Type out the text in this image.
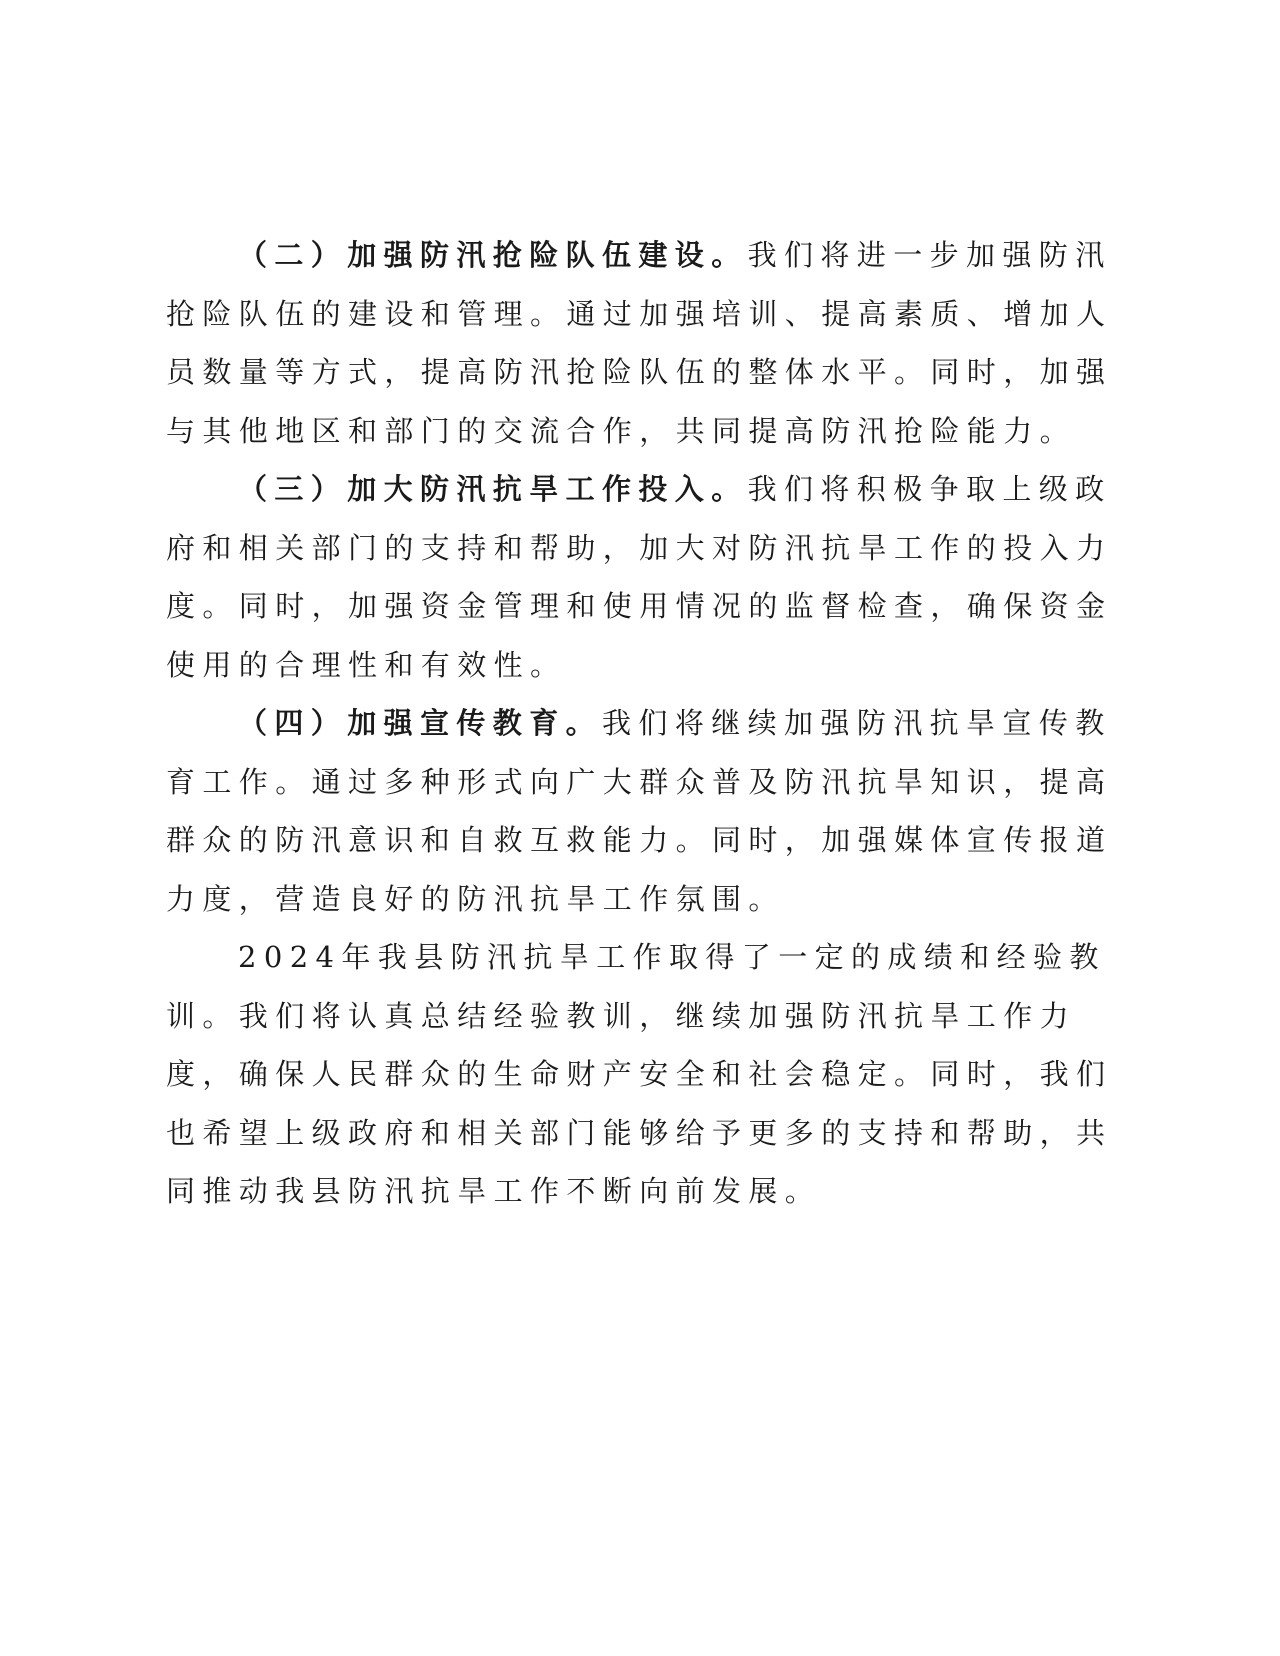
（二）加强防汛抢险队伍建设。我们将进一步加强防汛抢险队伍的建设和管理。通过加强培训、提高素质、增加人员数量等方式，提高防汛抢险队伍的整体水平。同时，加强与其他地区和部门的交流合作，共同提高防汛抢险能力。

（三）加大防汛抗旱工作投入。我们将积极争取上级政府和相关部门的支持和帮助，加大对防汛抗旱工作的投入力度。同时，加强资金管理和使用情况的监督检查，确保资金使用的合理性和有效性。

（四）加强宣传教育。我们将继续加强防汛抗旱宣传教育工作。通过多种形式向广大群众普及防汛抗旱知识，提高群众的防汛意识和自救互救能力。同时，加强媒体宣传报道力度，营造良好的防汛抗旱工作氛围。

2024年我县防汛抗旱工作取得了一定的成绩和经验教训。我们将认真总结经验教训，继续加强防汛抗旱工作力度，确保人民群众的生命财产安全和社会稳定。同时，我们也希望上级政府和相关部门能够给予更多的支持和帮助，共同推动我县防汛抗旱工作不断向前发展。
